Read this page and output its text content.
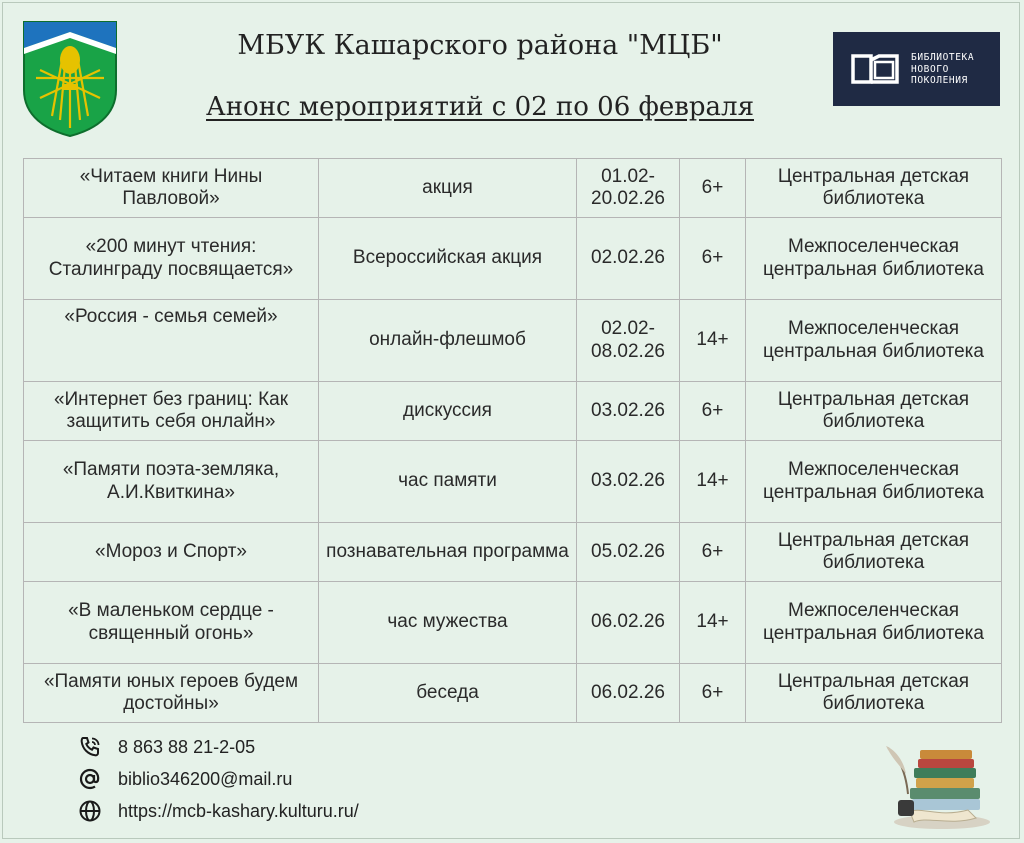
МБУК Кашарского района "МЦБ"
Анонс мероприятий с 02 по 06 февраля
БИБЛИОТЕКА
НОВОГО
ПОКОЛЕНИЯ
«Читаем книги Нины Павловой»	акция	01.02-20.02.26	6+	Центральная детская библиотека
«200 минут чтения: Сталинграду посвящается»	Всероссийская акция	02.02.26	6+	Межпоселенческая центральная библиотека
«Россия - семья семей»	онлайн-флешмоб	02.02-08.02.26	14+	Межпоселенческая центральная библиотека
«Интернет без границ: Как защитить себя онлайн»	дискуссия	03.02.26	6+	Центральная детская библиотека
«Памяти поэта-земляка, А.И.Квиткина»	час памяти	03.02.26	14+	Межпоселенческая центральная библиотека
«Мороз и Спорт»	познавательная программа	05.02.26	6+	Центральная детская библиотека
«В маленьком сердце - священный огонь»	час мужества	06.02.26	14+	Межпоселенческая центральная библиотека
«Памяти юных героев будем достойны»	беседа	06.02.26	6+	Центральная детская библиотека
8 863 88 21-2-05
biblio346200@mail.ru
https://mcb-kashary.kulturu.ru/
